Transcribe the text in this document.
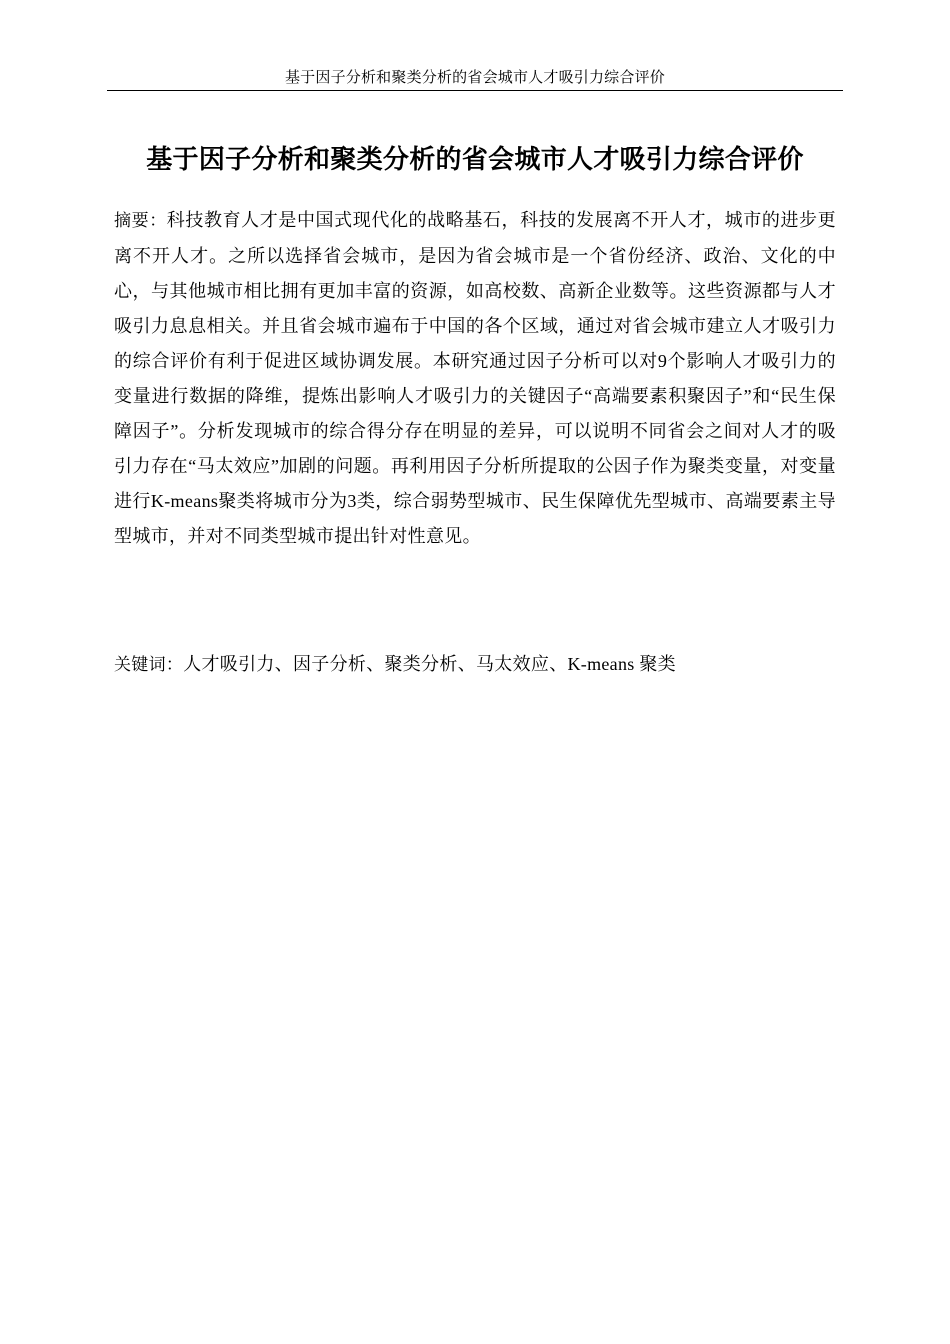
基于因子分析和聚类分析的省会城市人才吸引力综合评价
基于因子分析和聚类分析的省会城市人才吸引力综合评价

摘要：科技教育人才是中国式现代化的战略基石，科技的发展离不开人才，城市的进步更离不开人才。之所以选择省会城市，是因为省会城市是一个省份经济、政治、文化的中心，与其他城市相比拥有更加丰富的资源，如高校数、高新企业数等。这些资源都与人才吸引力息息相关。并且省会城市遍布于中国的各个区域，通过对省会城市建立人才吸引力的综合评价有利于促进区域协调发展。本研究通过因子分析可以对9个影响人才吸引力的变量进行数据的降维，提炼出影响人才吸引力的关键因子“高端要素积聚因子”和“民生保障因子”。分析发现城市的综合得分存在明显的差异，可以说明不同省会之间对人才的吸引力存在“马太效应”加剧的问题。再利用因子分析所提取的公因子作为聚类变量，对变量进行K-means聚类将城市分为3类，综合弱势型城市、民生保障优先型城市、高端要素主导型城市，并对不同类型城市提出针对性意见。

关键词：人才吸引力、因子分析、聚类分析、马太效应、K-means 聚类
